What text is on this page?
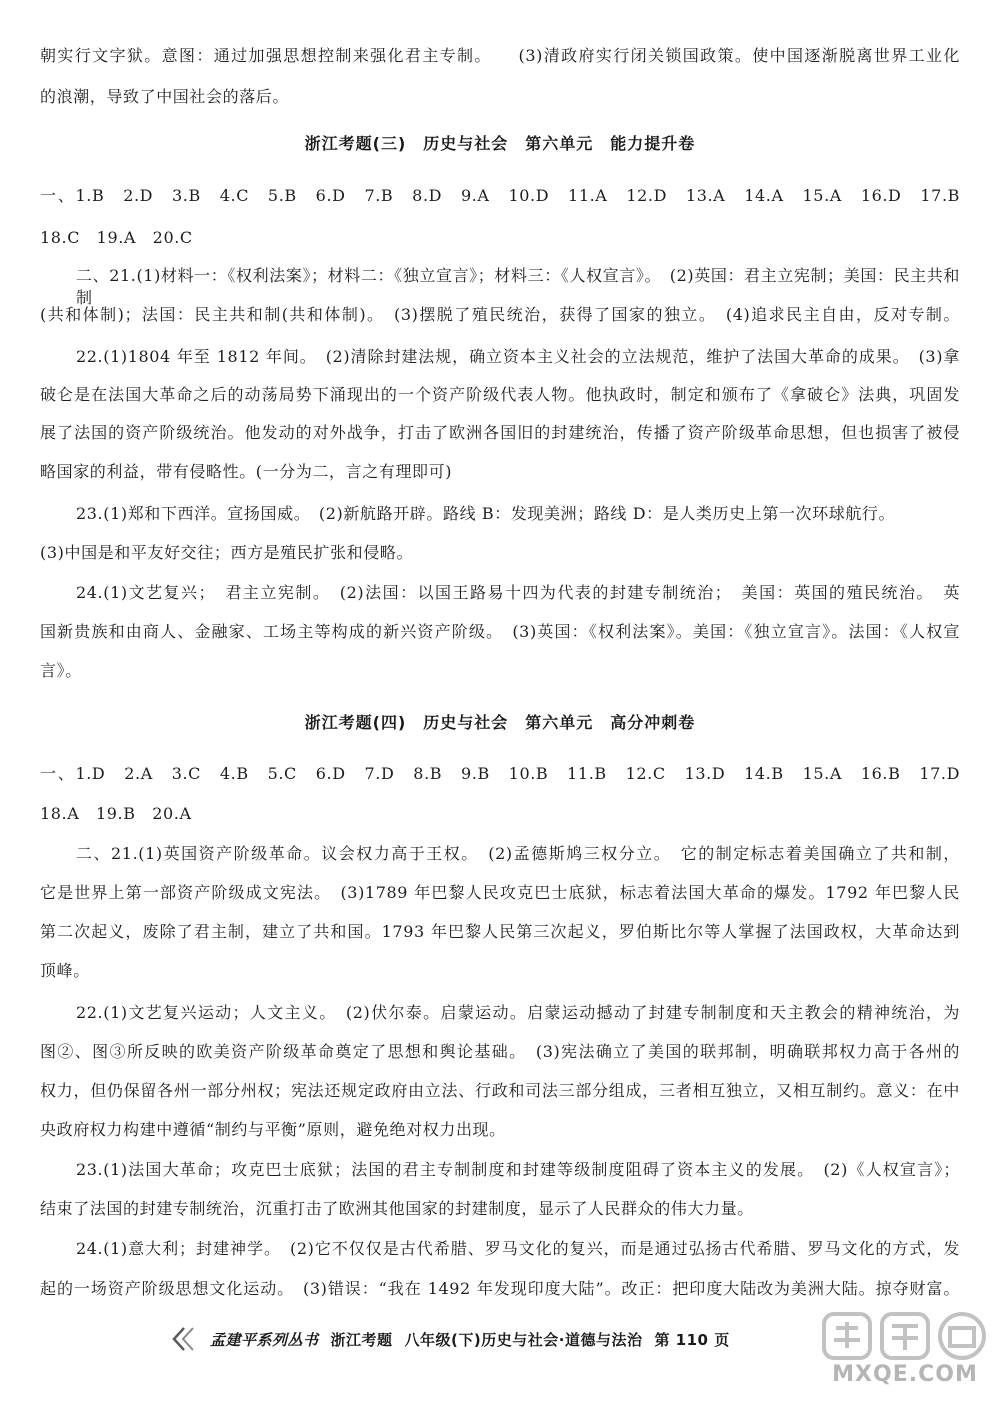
朝实行文字狱。意图：通过加强思想控制来强化君主专制。　　(3)清政府实行闭关锁国政策。使中国逐渐脱离世界工业化
的浪潮，导致了中国社会的落后。
浙江考题(三)　历史与社会　第六单元　能力提升卷
一、1.B　2.D　3.B　4.C　5.B　6.D　7.B　8.D　9.A　10.D　11.A　12.D　13.A　14.A　15.A　16.D　17.B
18.C　19.A　20.C
二、21.(1)材料一：《权利法案》；材料二：《独立宣言》；材料三：《人权宣言》。　(2)英国：君主立宪制；美国：民主共和制
(共和体制)；法国：民主共和制(共和体制)。　(3)摆脱了殖民统治，获得了国家的独立。　(4)追求民主自由，反对专制。
22.(1)1804 年至 1812 年间。　(2)清除封建法规，确立资本主义社会的立法规范，维护了法国大革命的成果。　(3)拿
破仑是在法国大革命之后的动荡局势下涌现出的一个资产阶级代表人物。他执政时，制定和颁布了《拿破仑》法典，巩固发
展了法国的资产阶级统治。他发动的对外战争，打击了欧洲各国旧的封建统治，传播了资产阶级革命思想，但也损害了被侵
略国家的利益，带有侵略性。(一分为二，言之有理即可)
23.(1)郑和下西洋。宣扬国威。　(2)新航路开辟。路线 B：发现美洲；路线 D：是人类历史上第一次环球航行。
(3)中国是和平友好交往；西方是殖民扩张和侵略。
24.(1)文艺复兴；　君主立宪制。　(2)法国：以国王路易十四为代表的封建专制统治；　美国：英国的殖民统治。　英
国新贵族和由商人、金融家、工场主等构成的新兴资产阶级。　(3)英国：《权利法案》。美国：《独立宣言》。法国：《人权宣
言》。
浙江考题(四)　历史与社会　第六单元　高分冲刺卷
一、1.D　2.A　3.C　4.B　5.C　6.D　7.D　8.B　9.B　10.B　11.B　12.C　13.D　14.B　15.A　16.B　17.D
18.A　19.B　20.A
二、21.(1)英国资产阶级革命。议会权力高于王权。　(2)孟德斯鸠三权分立。　它的制定标志着美国确立了共和制，
它是世界上第一部资产阶级成文宪法。　(3)1789 年巴黎人民攻克巴士底狱，标志着法国大革命的爆发。1792 年巴黎人民
第二次起义，废除了君主制，建立了共和国。1793 年巴黎人民第三次起义，罗伯斯比尔等人掌握了法国政权，大革命达到
顶峰。
22.(1)文艺复兴运动；人文主义。　(2)伏尔泰。启蒙运动。启蒙运动撼动了封建专制制度和天主教会的精神统治，为
图②、图③所反映的欧美资产阶级革命奠定了思想和舆论基础。　(3)宪法确立了美国的联邦制，明确联邦权力高于各州的
权力，但仍保留各州一部分州权；宪法还规定政府由立法、行政和司法三部分组成，三者相互独立，又相互制约。意义：在中
央政府权力构建中遵循“制约与平衡”原则，避免绝对权力出现。
23.(1)法国大革命；攻克巴士底狱；法国的君主专制制度和封建等级制度阻碍了资本主义的发展。　(2)《人权宣言》；
结束了法国的封建专制统治，沉重打击了欧洲其他国家的封建制度，显示了人民群众的伟大力量。
24.(1)意大利；封建神学。　(2)它不仅仅是古代希腊、罗马文化的复兴，而是通过弘扬古代希腊、罗马文化的方式，发
起的一场资产阶级思想文化运动。　(3)错误：“我在 1492 年发现印度大陆”。改正：把印度大陆改为美洲大陆。掠夺财富。
孟建平系列丛书 浙江考题 八年级(下)历史与社会·道德与法治 第 110 页
MXQE.COM
